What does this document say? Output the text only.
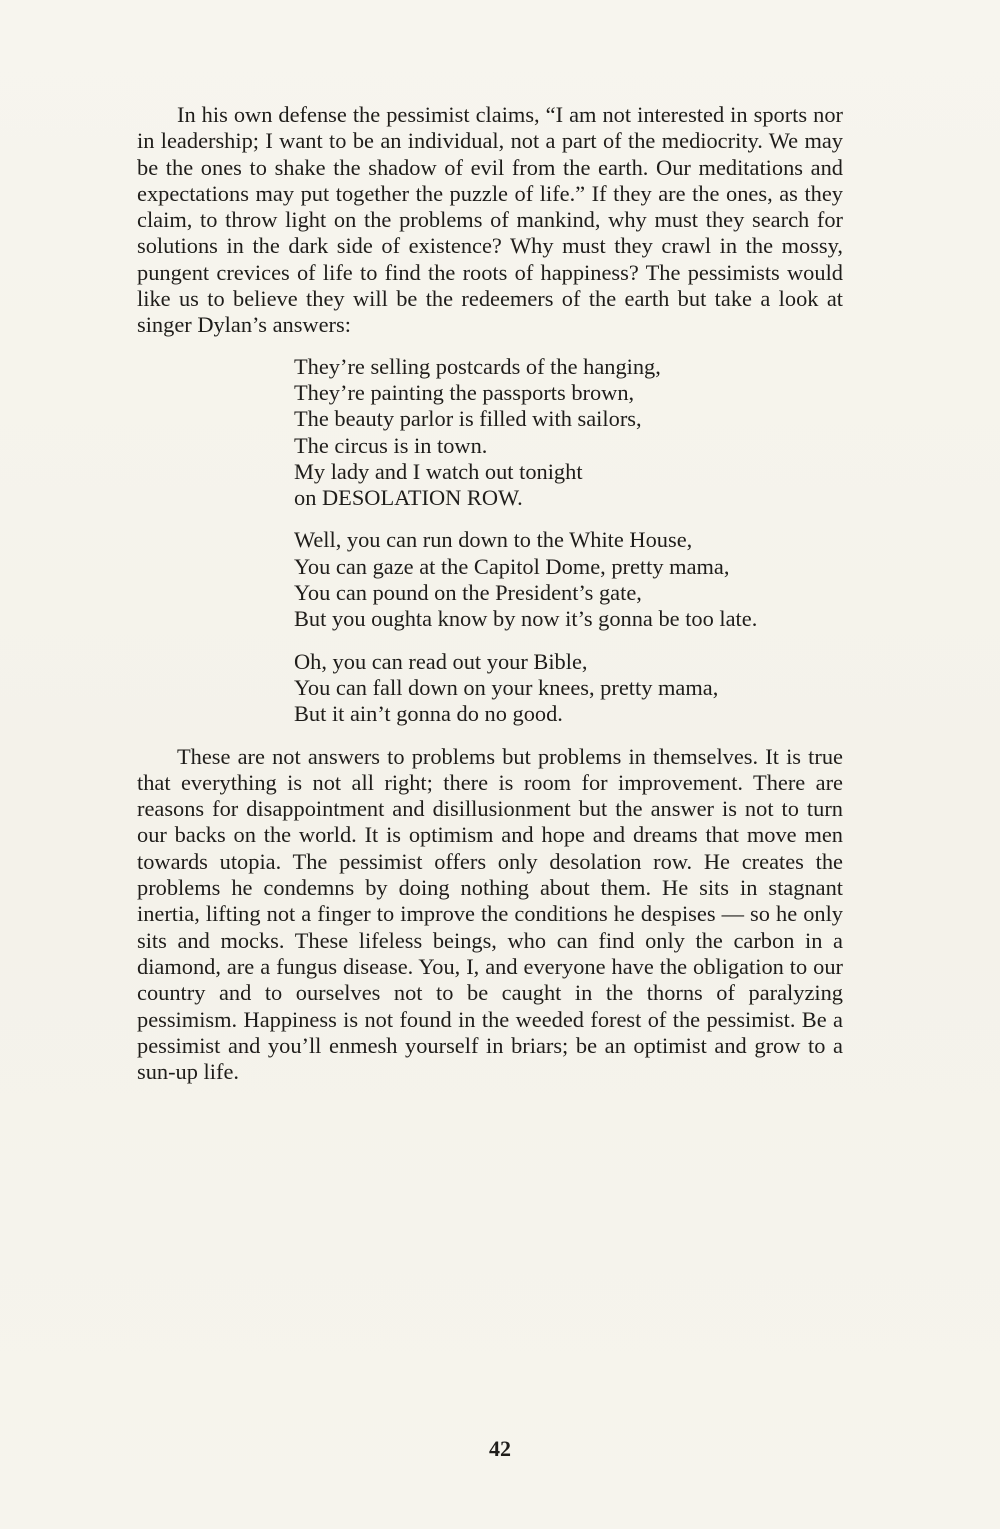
In his own defense the pessimist claims, “I am not interested in sports nor in leadership; I want to be an individual, not a part of the mediocrity. We may be the ones to shake the shadow of evil from the earth. Our meditations and expectations may put together the puzzle of life.” If they are the ones, as they claim, to throw light on the problems of mankind, why must they search for solutions in the dark side of existence? Why must they crawl in the mossy, pungent crevices of life to find the roots of happiness? The pessimists would like us to believe they will be the redeemers of the earth but take a look at singer Dylan’s answers:

They’re selling postcards of the hanging,
They’re painting the passports brown,
The beauty parlor is filled with sailors,
The circus is in town.
My lady and I watch out tonight
on DESOLATION ROW.
Well, you can run down to the White House,
You can gaze at the Capitol Dome, pretty mama,
You can pound on the President’s gate,
But you oughta know by now it’s gonna be too late.
Oh, you can read out your Bible,
You can fall down on your knees, pretty mama,
But it ain’t gonna do no good.

These are not answers to problems but problems in themselves. It is true that everything is not all right; there is room for improvement. There are reasons for disappointment and disillusionment but the answer is not to turn our backs on the world. It is optimism and hope and dreams that move men towards utopia. The pessimist offers only desolation row. He creates the problems he condemns by doing nothing about them. He sits in stagnant inertia, lifting not a finger to improve the conditions he despises — so he only sits and mocks. These lifeless beings, who can find only the carbon in a diamond, are a fungus disease. You, I, and everyone have the obligation to our country and to ourselves not to be caught in the thorns of paralyzing pessimism. Happiness is not found in the weeded forest of the pessimist. Be a pessimist and you’ll enmesh yourself in briars; be an optimist and grow to a sun-up life.

42
